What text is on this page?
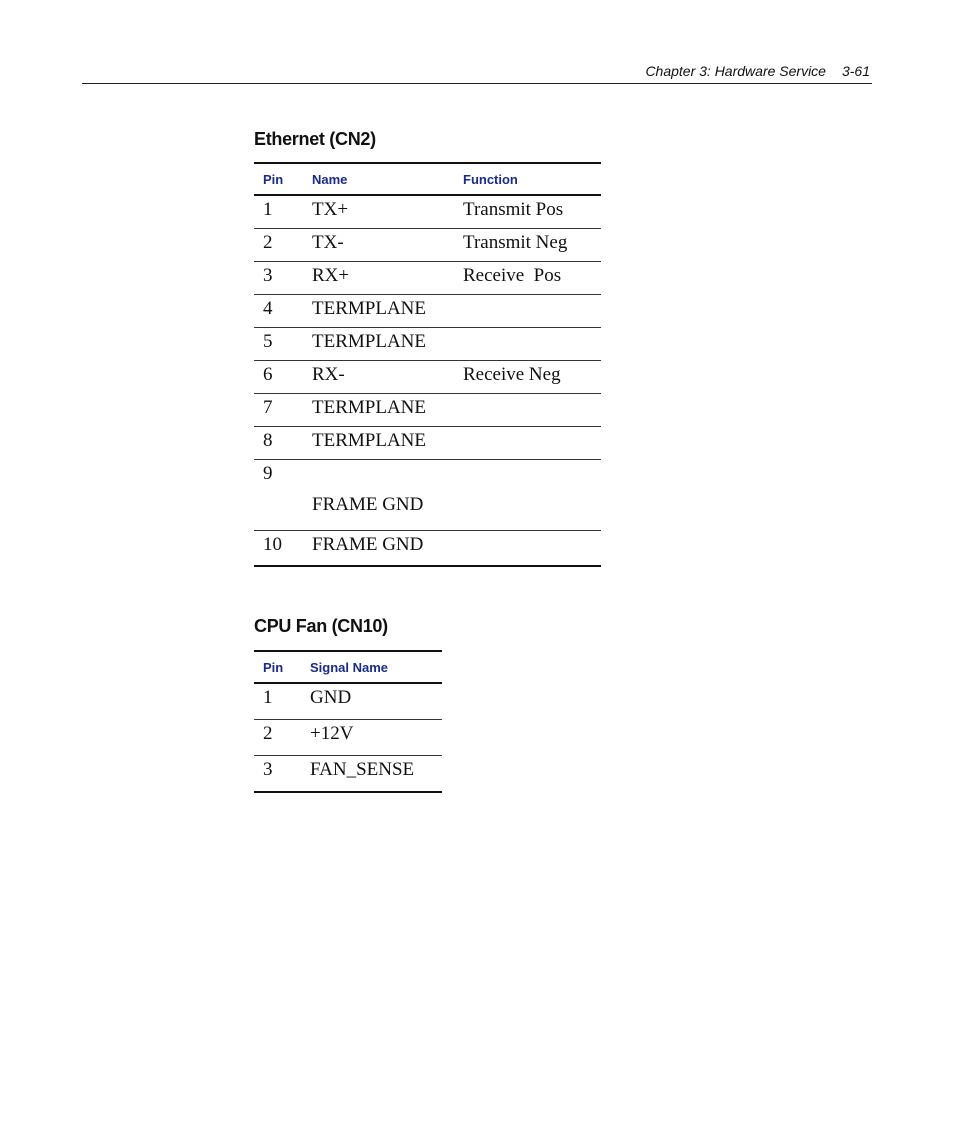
Chapter 3: Hardware Service 3-61
Ethernet (CN2)
Pin	Name	Function
1	TX+	Transmit Pos
2	TX-	Transmit Neg
3	RX+	Receive  Pos
4	TERMPLANE	
5	TERMPLANE	
6	RX-	Receive Neg
7	TERMPLANE	
8	TERMPLANE	
9	FRAME GND	

10	FRAME GND	
CPU Fan (CN10)
Pin	Signal Name
1	GND
2	+12V
3	FAN_SENSE
